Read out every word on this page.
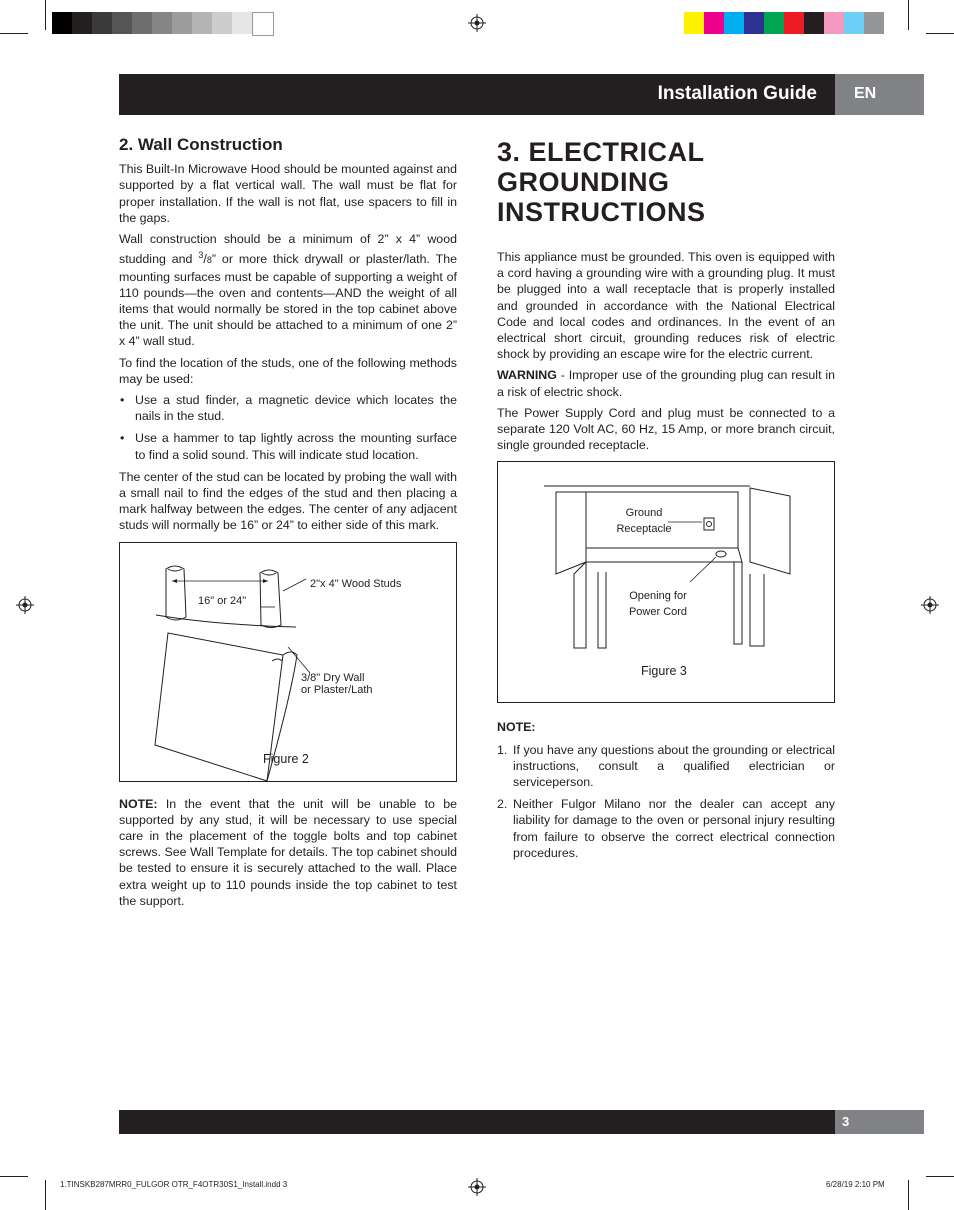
Installation Guide EN
2. Wall Construction

This Built-In Microwave Hood should be mounted against and supported by a flat vertical wall. The wall must be flat for proper installation. If the wall is not flat, use spacers to fill in the gaps.

Wall construction should be a minimum of 2” x 4” wood studding and $^3$/8” or more thick drywall or plaster/lath. The mounting surfaces must be capable of supporting a weight of 110 pounds—the oven and contents—AND the weight of all items that would normally be stored in the top cabinet above the unit. The unit should be attached to a minimum of one 2” x 4” wall stud.

To find the location of the studs, one of the following methods may be used:

• Use a stud finder, a magnetic device which locates the nails in the stud.
• Use a hammer to tap lightly across the mounting surface to find a solid sound. This will indicate stud location.

The center of the stud can be located by probing the wall with a small nail to find the edges of the stud and then placing a mark halfway between the edges. The center of any adjacent studs will normally be 16” or 24” to either side of this mark.

16" or 24"
2"x 4" Wood Studs
3/8" Dry Wall
or Plaster/Lath
Figure 2

NOTE: In the event that the unit will be unable to be supported by any stud, it will be necessary to use special care in the placement of the toggle bolts and top cabinet screws. See Wall Template for details. The top cabinet should be tested to ensure it is securely attached to the wall. Place extra weight up to 110 pounds inside the top cabinet to test the support.

3. ELECTRICAL
GROUNDING
INSTRUCTIONS

This appliance must be grounded. This oven is equipped with a cord having a grounding wire with a grounding plug. It must be plugged into a wall receptacle that is properly installed and grounded in accordance with the National Electrical Code and local codes and ordinances. In the event of an electrical short circuit, grounding reduces risk of electric shock by providing an escape wire for the electric current.

WARNING - Improper use of the grounding plug can result in a risk of electric shock.

The Power Supply Cord and plug must be connected to a separate 120 Volt AC, 60 Hz, 15 Amp, or more branch circuit, single grounded receptacle.

Ground
Receptacle
Opening for
Power Cord
Figure 3

NOTE:

1. If you have any questions about the grounding or electrical instructions, consult a qualified electrician or serviceperson.
2. Neither Fulgor Milano nor the dealer can accept any liability for damage to the oven or personal injury resulting from failure to observe the correct electrical connection procedures.
3
1.TINSKB287MRR0_FULGOR OTR_F4OTR30S1_Install.indd 3	6/28/19 2:10 PM
